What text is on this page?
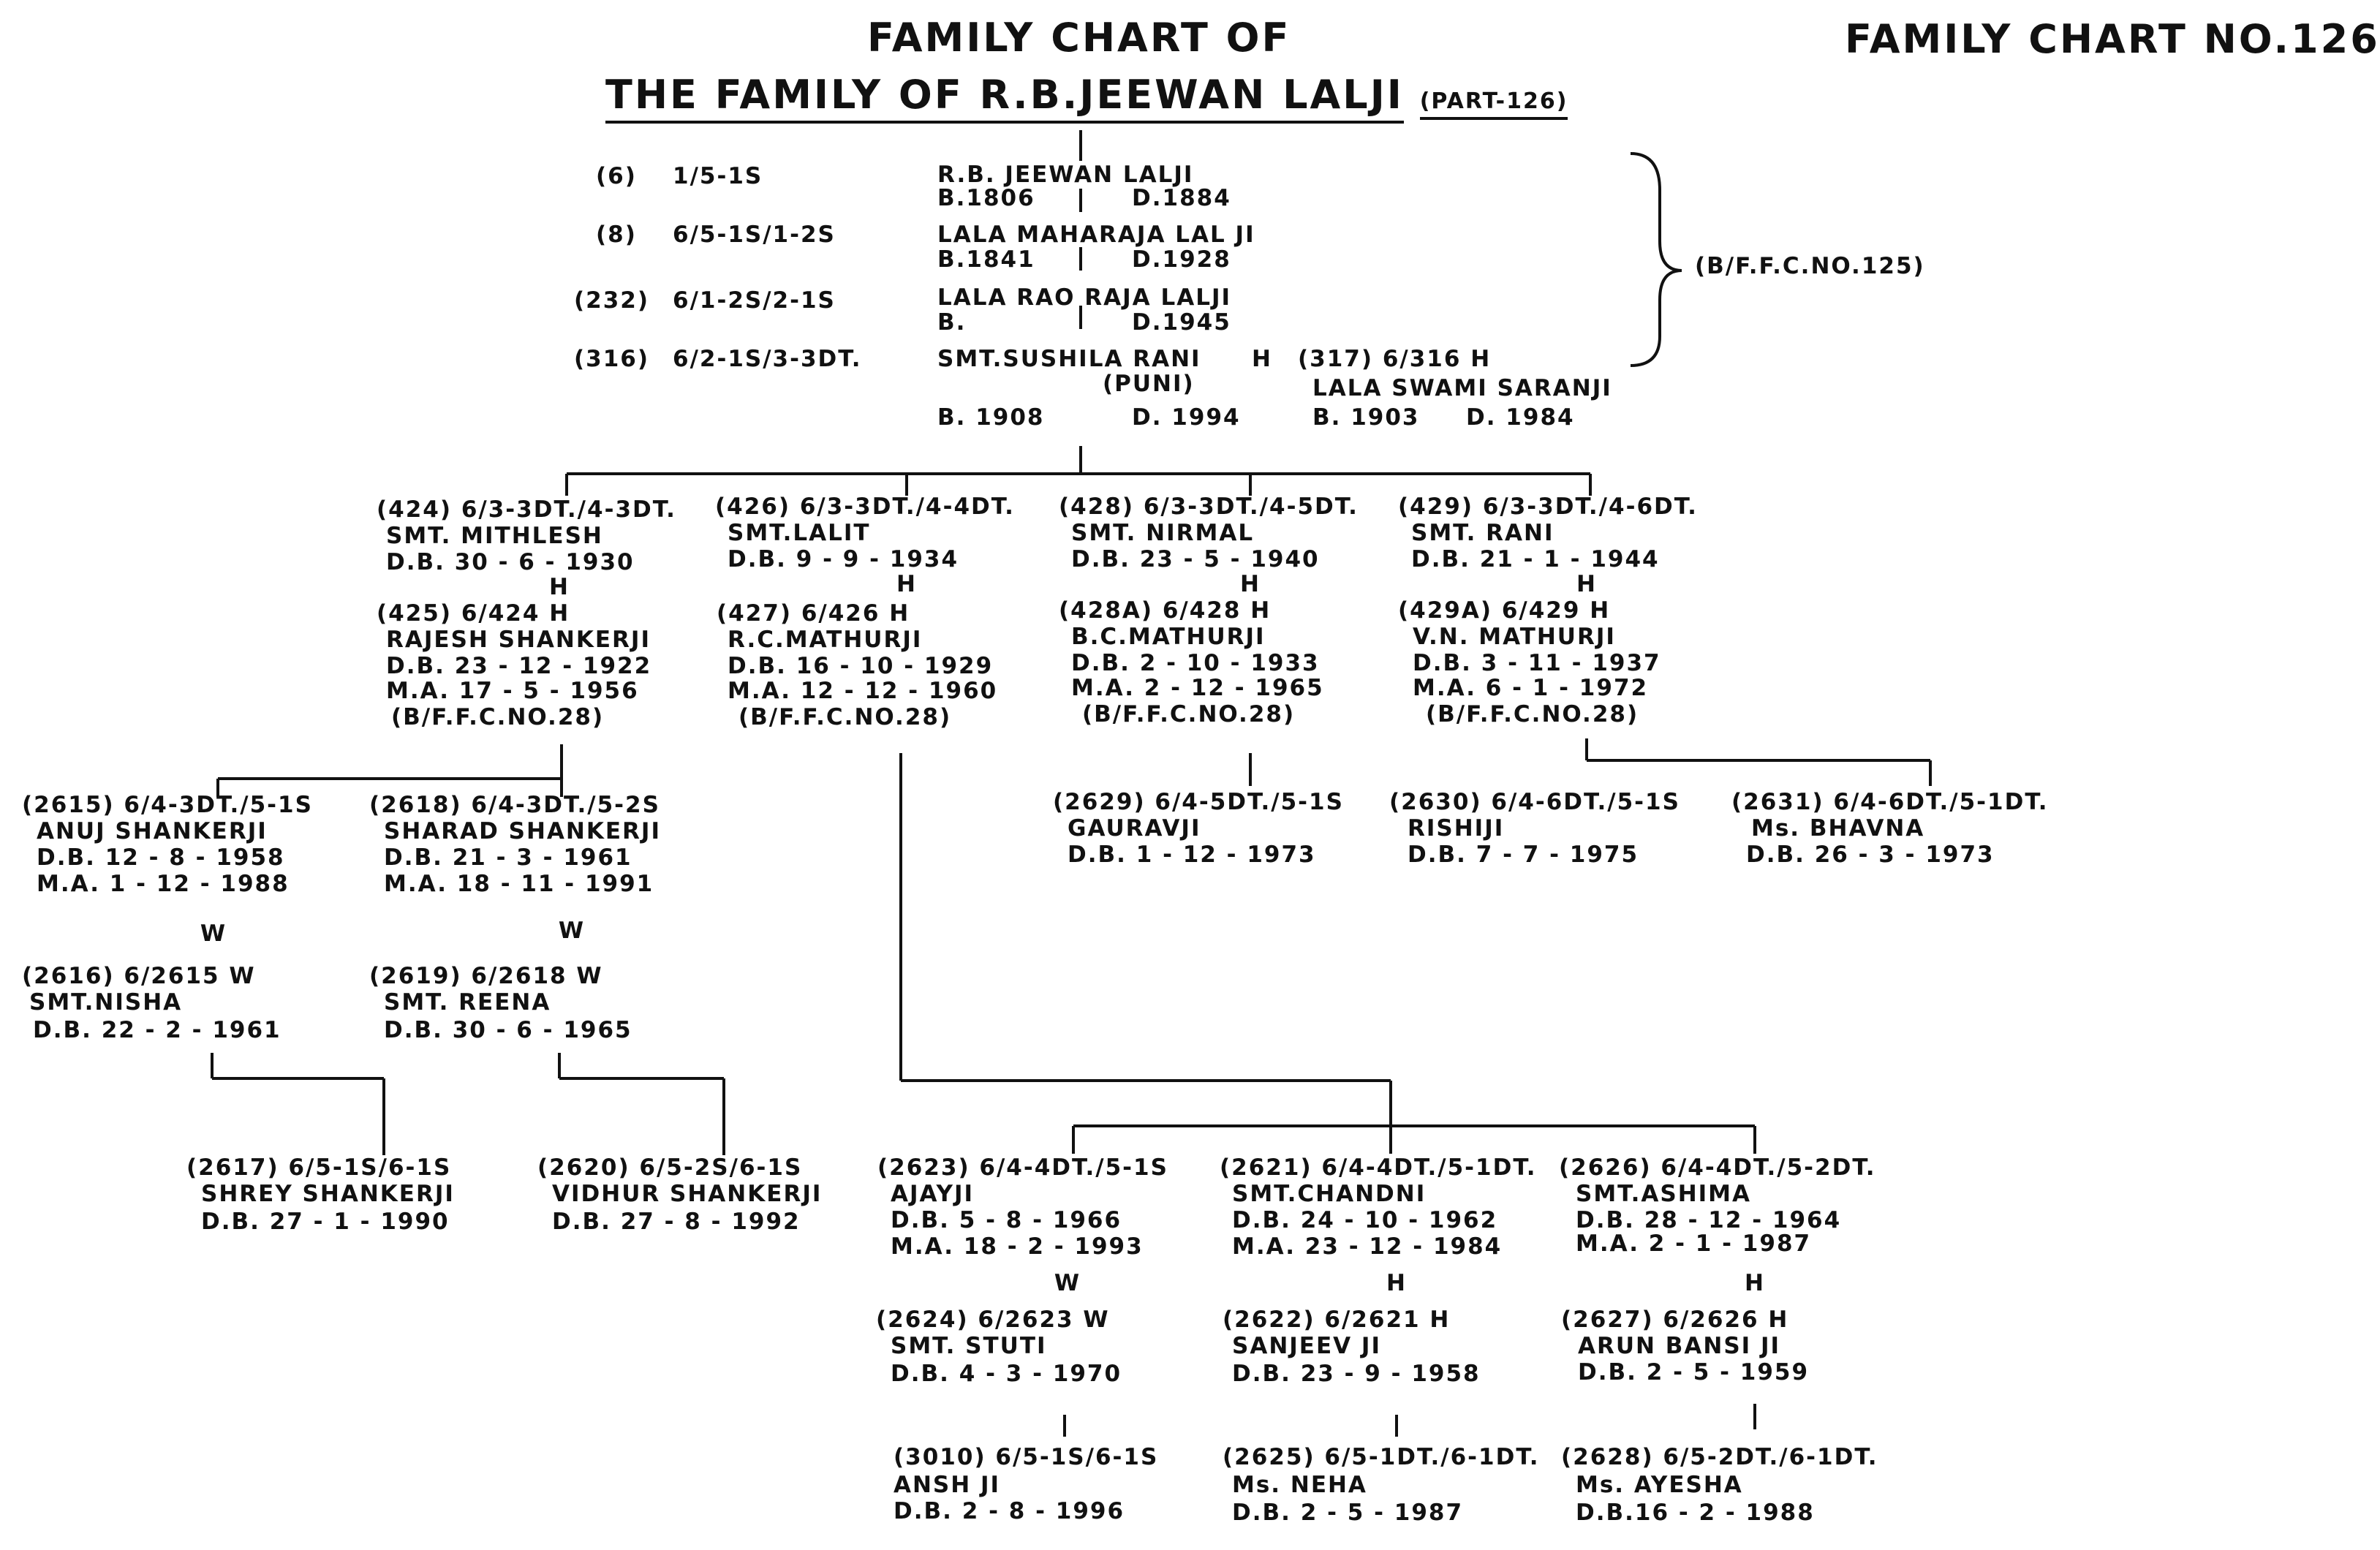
FAMILY CHART OF
THE FAMILY OF R.B.JEEWAN LALJI (PART-126)
FAMILY CHART NO.126
(6) 1/5-1S
(8) 6/5-1S/1-2S
(232) 6/1-2S/2-1S
(316) 6/2-1S/3-3DT.
R.B. JEEWAN LALJI
B.1806	D.1884
LALA MAHARAJA LAL JI
B.1841	D.1928
LALA RAO RAJA LALJI
B.	D.1945
SMT.SUSHILA RANI H
(PUNI)
B. 1908	D. 1994
(317) 6/316 H
LALA SWAMI SARANJI
B. 1903 D. 1984
(B/F.F.C.NO.125)
(424) 6/3-3DT./4-3DT.
SMT. MITHLESH
D.B. 30 - 6 - 1930
H
(425) 6/424 H
RAJESH SHANKERJI
D.B. 23 - 12 - 1922
M.A. 17 - 5 - 1956
(B/F.F.C.NO.28)
(426) 6/3-3DT./4-4DT.
SMT.LALIT
D.B. 9 - 9 - 1934
H
(427) 6/426 H
R.C.MATHURJI
D.B. 16 - 10 - 1929
M.A. 12 - 12 - 1960
(B/F.F.C.NO.28)
(428) 6/3-3DT./4-5DT.
SMT. NIRMAL
D.B. 23 - 5 - 1940
H
(428A) 6/428 H
B.C.MATHURJI
D.B. 2 - 10 - 1933
M.A. 2 - 12 - 1965
(B/F.F.C.NO.28)
(429) 6/3-3DT./4-6DT.
SMT. RANI
D.B. 21 - 1 - 1944
H
(429A) 6/429 H
V.N. MATHURJI
D.B. 3 - 11 - 1937
M.A. 6 - 1 - 1972
(B/F.F.C.NO.28)
(2615) 6/4-3DT./5-1S
ANUJ SHANKERJI
D.B. 12 - 8 - 1958
M.A. 1 - 12 - 1988
W
(2616) 6/2615 W
SMT.NISHA
D.B. 22 - 2 - 1961
(2618) 6/4-3DT./5-2S
SHARAD SHANKERJI
D.B. 21 - 3 - 1961
M.A. 18 - 11 - 1991
W
(2619) 6/2618 W
SMT. REENA
D.B. 30 - 6 - 1965
(2629) 6/4-5DT./5-1S
GAURAVJI
D.B. 1 - 12 - 1973
(2630) 6/4-6DT./5-1S
RISHIJI
D.B. 7 - 7 - 1975
(2631) 6/4-6DT./5-1DT.
Ms. BHAVNA
D.B. 26 - 3 - 1973
(2623) 6/4-4DT./5-1S
AJAYJI
D.B. 5 - 8 - 1966
M.A. 18 - 2 - 1993
W
(2624) 6/2623 W
SMT. STUTI
D.B. 4 - 3 - 1970
(2621) 6/4-4DT./5-1DT.
SMT.CHANDNI
D.B. 24 - 10 - 1962
M.A. 23 - 12 - 1984
H
(2622) 6/2621 H
SANJEEV JI
D.B. 23 - 9 - 1958
(2626) 6/4-4DT./5-2DT.
SMT.ASHIMA
D.B. 28 - 12 - 1964
M.A. 2 - 1 - 1987
H
(2627) 6/2626 H
ARUN BANSI JI
D.B. 2 - 5 - 1959
(2617) 6/5-1S/6-1S
SHREY SHANKERJI
D.B. 27 - 1 - 1990
(2620) 6/5-2S/6-1S
VIDHUR SHANKERJI
D.B. 27 - 8 - 1992
(3010) 6/5-1S/6-1S
ANSH JI
D.B. 2 - 8 - 1996
(2625) 6/5-1DT./6-1DT.
Ms. NEHA
D.B. 2 - 5 - 1987
(2628) 6/5-2DT./6-1DT.
Ms. AYESHA
D.B.16 - 2 - 1988
